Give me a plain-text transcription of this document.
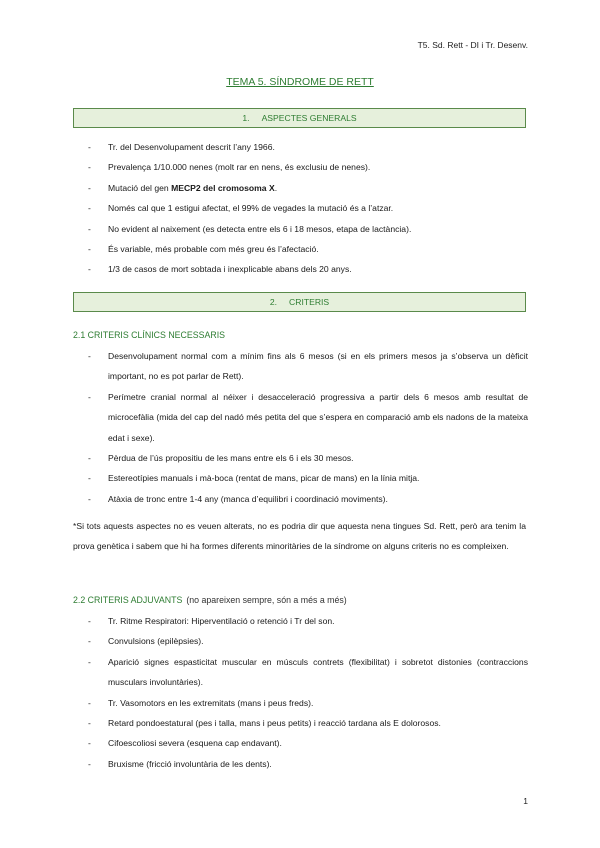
T5. Sd. Rett - DI i Tr. Desenv.
TEMA 5. SÍNDROME DE RETT
1. ASPECTES GENERALS
- Tr. del Desenvolupament descrit l’any 1966.
- Prevalença 1/10.000 nenes (molt rar en nens, és exclusiu de nenes).
- Mutació del gen MECP2 del cromosoma X.
- Només cal que 1 estigui afectat, el 99% de vegades la mutació és a l’atzar.
- No evident al naixement (es detecta entre els 6 i 18 mesos, etapa de lactància).
- És variable, més probable com més greu és l’afectació.
- 1/3 de casos de mort sobtada i inexplicable abans dels 20 anys.
2. CRITERIS
2.1 CRITERIS CLÍNICS NECESSARIS
- Desenvolupament normal com a mínim fins als 6 mesos (si en els primers mesos ja s’observa un dèficit important, no es pot parlar de Rett).
- Perímetre cranial normal al néixer i desacceleració progressiva a partir dels 6 mesos amb resultat de microcefàlia (mida del cap del nadó més petita del que s’espera en comparació amb els nadons de la mateixa edat i sexe).
- Pèrdua de l’ús propositiu de les mans entre els 6 i els 30 mesos.
- Estereotípies manuals i mà-boca (rentat de mans, picar de mans) en la línia mitja.
- Atàxia de tronc entre 1-4 any (manca d’equilibri i coordinació moviments).
*Si tots aquests aspectes no es veuen alterats, no es podria dir que aquesta nena tingues Sd. Rett, però ara tenim la prova genètica i sabem que hi ha formes diferents minoritàries de la síndrome on alguns criteris no es compleixen.
2.2 CRITERIS ADJUVANTS (no apareixen sempre, són a més a més)
- Tr. Ritme Respiratori: Hiperventilació o retenció i Tr del son.
- Convulsions (epilèpsies).
- Aparició signes espasticitat muscular en músculs contrets (flexibilitat) i sobretot distonies (contraccions musculars involuntàries).
- Tr. Vasomotors en les extremitats (mans i peus freds).
- Retard pondoestatural (pes i talla, mans i peus petits) i reacció tardana als E dolorosos.
- Cifoescoliosi severa (esquena cap endavant).
- Bruxisme (fricció involuntària de les dents).
1
